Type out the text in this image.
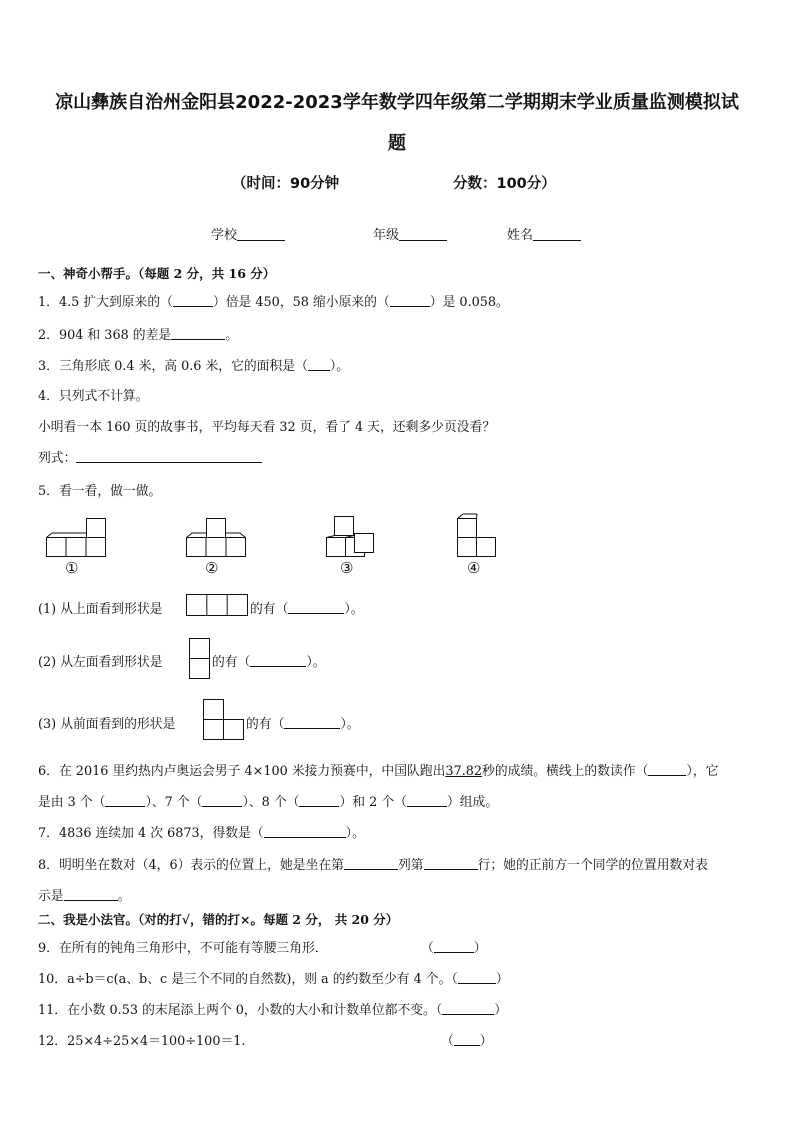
凉山彝族自治州金阳县2022-2023学年数学四年级第二学期期末学业质量监测模拟试
题
（时间：90分钟	分数：100分）
学校	年级	姓名
一、神奇小帮手。（每题 2 分，共 16 分）
1．4.5 扩大到原来的（	）倍是 450，58 缩小原来的（	）是 0.058。
2．904 和 368 的差是	。
3．三角形底 0.4 米，高 0.6 米，它的面积是（ ）。
4．只列式不计算。
小明看一本 160 页的故事书，平均每天看 32 页，看了 4 天，还剩多少页没看？
列式：
5．看一看，做一做。
①	②	③	④
(1) 从上面看到形状是	的有（	）。
(2) 从左面看到形状是	的有（	）。
(3) 从前面看到的形状是	的有（	）。
6．在 2016 里约热内卢奥运会男子 4×100 米接力预赛中，中国队跑出37.82秒的成绩。横线上的数读作（	），它
是由 3 个（	）、7 个（	）、8 个（	）和 2 个（	）组成。
7．4836 连续加 4 次 6873，得数是（	）。
8．明明坐在数对（4，6）表示的位置上，她是坐在第	列第	行；她的正前方一个同学的位置用数对表
示是	。
二、我是小法官。（对的打√，错的打×。每题 2 分， 共 20 分）
9．在所有的钝角三角形中，不可能有等腰三角形．	（	）
10．a÷b＝c(a、b、c 是三个不同的自然数)，则 a 的约数至少有 4 个。（	）
11．在小数 0.53 的末尾添上两个 0，小数的大小和计数单位都不变。（	）
12．25×4÷25×4＝100÷100＝1.	（ ）
